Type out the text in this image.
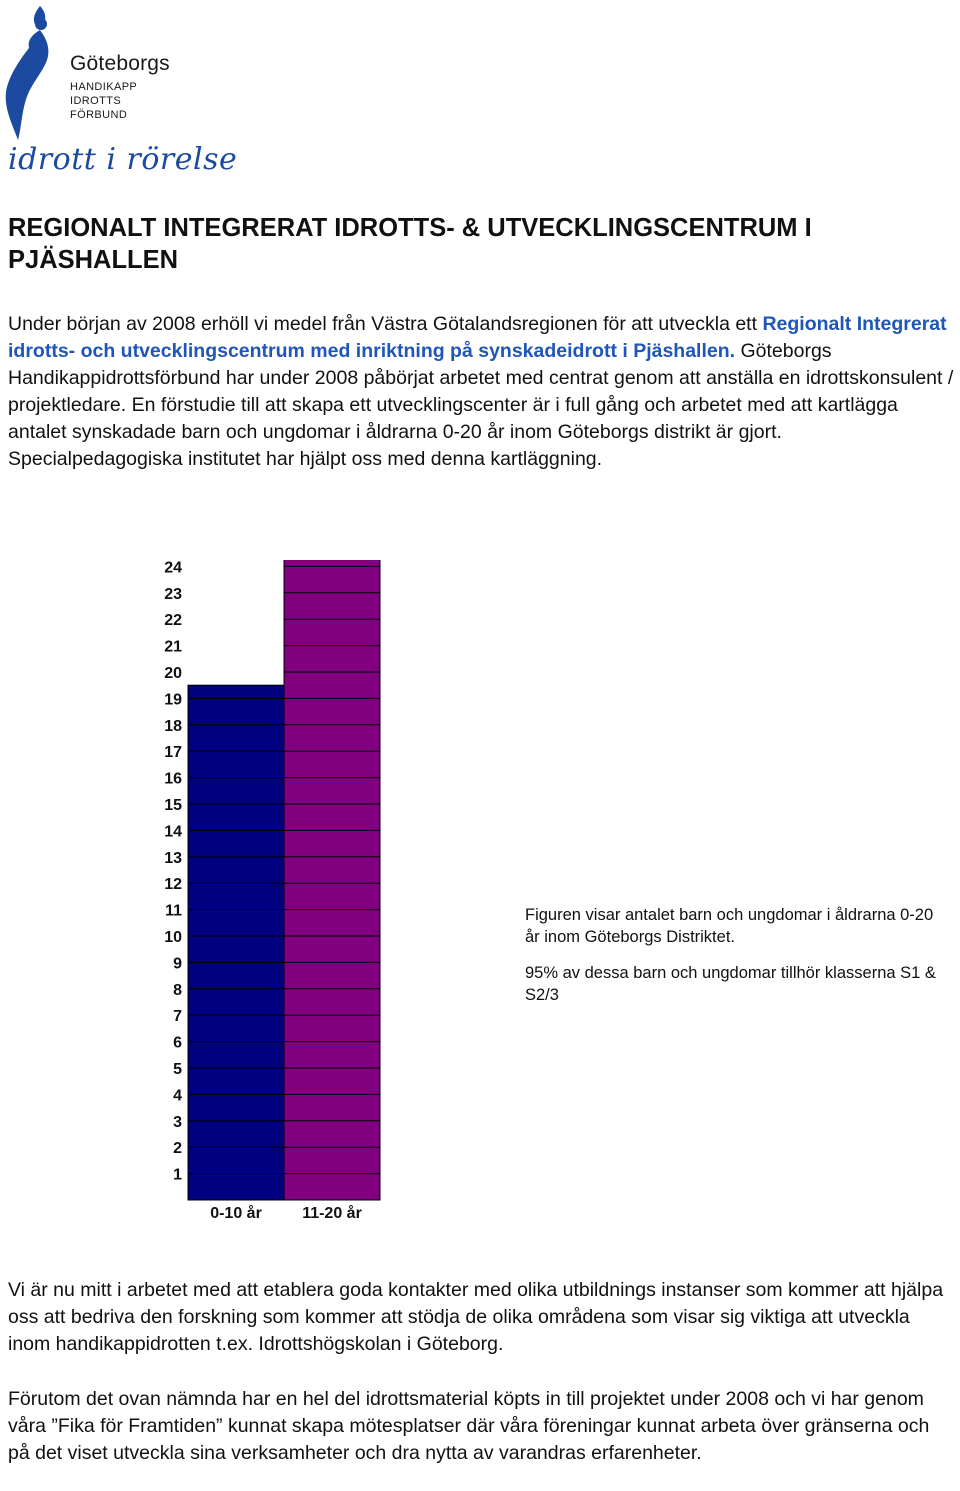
Göteborgs
HANDIKAPP
IDROTTS
FÖRBUND
idrott i rörelse
REGIONALT INTEGRERAT IDROTTS- & UTVECKLINGSCENTRUM I PJÄSHALLEN

Under början av 2008 erhöll vi medel från Västra Götalandsregionen för att utveckla ett Regionalt Integrerat idrotts- och utvecklingscentrum med inriktning på synskadeidrott i Pjäshallen. Göteborgs Handikappidrottsförbund har under 2008 påbörjat arbetet med centrat genom att anställa en idrottskonsulent / projektledare. En förstudie till att skapa ett utvecklingscenter är i full gång och arbetet med att kartlägga antalet synskadade barn och ungdomar i åldrarna 0-20 år inom Göteborgs distrikt är gjort. Specialpedagogiska institutet har hjälpt oss med denna kartläggning.

0-10 år	11-20 år
1
2
3
4
5
6
7
8
9
10
11
12
13
14
15
16
17
18
19
20
21
22
23
24

Figuren visar antalet barn och ungdomar i åldrarna 0-20 år inom Göteborgs Distriktet.

95% av dessa barn och ungdomar tillhör klasserna S1 & S2/3

Vi är nu mitt i arbetet med att etablera goda kontakter med olika utbildnings instanser som kommer att hjälpa oss att bedriva den forskning som kommer att stödja de olika områdena som visar sig viktiga att utveckla inom handikappidrotten t.ex. Idrottshögskolan i Göteborg.

Förutom det ovan nämnda har en hel del idrottsmaterial köpts in till projektet under 2008 och vi har genom våra ”Fika för Framtiden” kunnat skapa mötesplatser där våra föreningar kunnat arbeta över gränserna och på det viset utveckla sina verksamheter och dra nytta av varandras erfarenheter.
